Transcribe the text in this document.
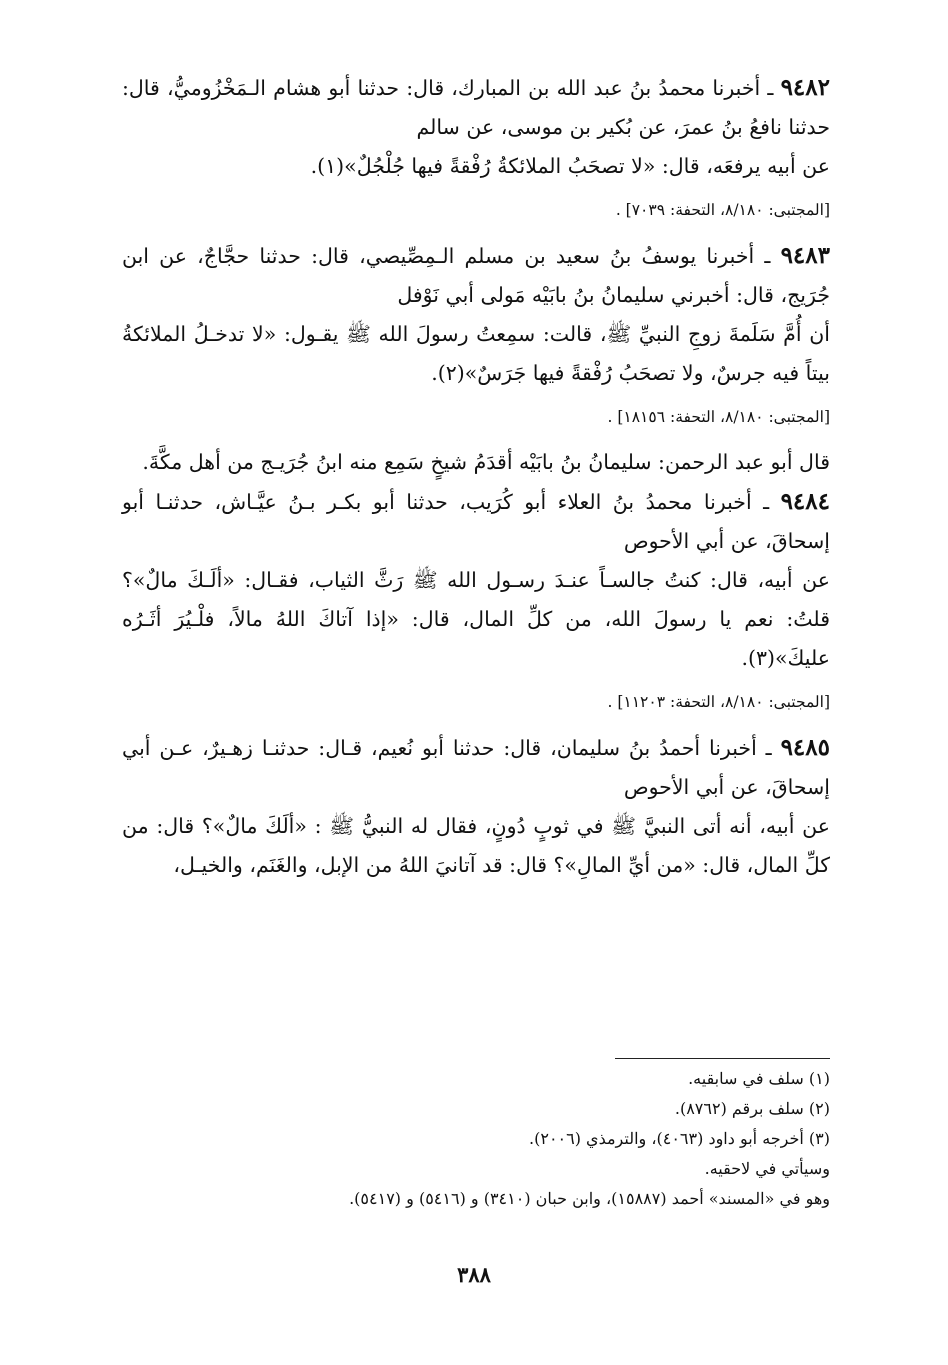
٩٤٨٢ ـ أخبرنا محمدُ بنُ عبد الله بن المبارك، قال: حدثنا أبو هشام الـمَخْزُوميُّ، قال: حدثنا نافعُ بنُ عمرَ، عن بُكير بن موسى، عن سالم

عن أبيه يرفعَه، قال: «لا تصحَبُ الملائكةُ رُفْقةً فيها جُلْجُلٌ»(١).

[المجتبى: ٨/١٨٠، التحفة: ٧٠٣٩] .

٩٤٨٣ ـ أخبرنا يوسفُ بنُ سعيد بن مسلم الـمِصِّيصي، قال: حدثنا حجَّاجٌ، عن ابن جُرَيج، قال: أخبرني سليمانُ بنُ بابَيْه مَولى أبي نَوْفل

أن أُمَّ سَلَمةَ زوجِ النبيِّ ﷺ، قالت: سمِعتُ رسولَ الله ﷺ يقـول: «لا تدخـلُ الملائكةُ بيتاً فيه جرسٌ، ولا تصحَبُ رُفْقةً فيها جَرَسٌ»(٢).

[المجتبى: ٨/١٨٠، التحفة: ١٨١٥٦] .

قال أبو عبد الرحمن: سليمانُ بنُ بابَيْه أقدَمُ شيخٍ سَمِع منه ابنُ جُرَيـج من أهل مكَّةَ.

٩٤٨٤ ـ أخبرنا محمدُ بنُ العلاء أبو كُرَيب، حدثنا أبو بكـر بـنُ عيَّـاش، حدثنـا أبو إسحاقَ، عن أبي الأحوص

عن أبيه، قال: كنتُ جالسـاً عنـدَ رسـول الله ﷺ رَثَّ الثياب، فقـال: «ألَـكَ مالٌ»؟ قلتُ: نعم يا رسولَ الله، من كلِّ المال، قال: «إذا آتاكَ اللهُ مالاً، فلْـيُرَ أثَـرُه عليكَ»(٣).

[المجتبى: ٨/١٨٠، التحفة: ١١٢٠٣] .

٩٤٨٥ ـ أخبرنا أحمدُ بنُ سليمان، قال: حدثنا أبو نُعيم، قـال: حدثنـا زهـيرٌ، عـن أبي إسحاقَ، عن أبي الأحوص

عن أبيه، أنه أتى النبيَّ ﷺ في ثوبٍ دُونٍ، فقال له النبيُّ ﷺ : «ألَكَ مالٌ»؟ قال: من كلِّ المال، قال: «من أيِّ المالِ»؟ قال: قد آتانيَ اللهُ من الإبل، والغَنَم، والخيـل،

(١) سلف في سابقيه.

(٢) سلف برقم (٨٧٦٢).

(٣) أخرجه أبو داود (٤٠٦٣)، والترمذي (٢٠٠٦).

وسيأتي في لاحقيه.

وهو في «المسند» أحمد (١٥٨٨٧)، وابن حبان (٣٤١٠) و (٥٤١٦) و (٥٤١٧).

٣٨٨
